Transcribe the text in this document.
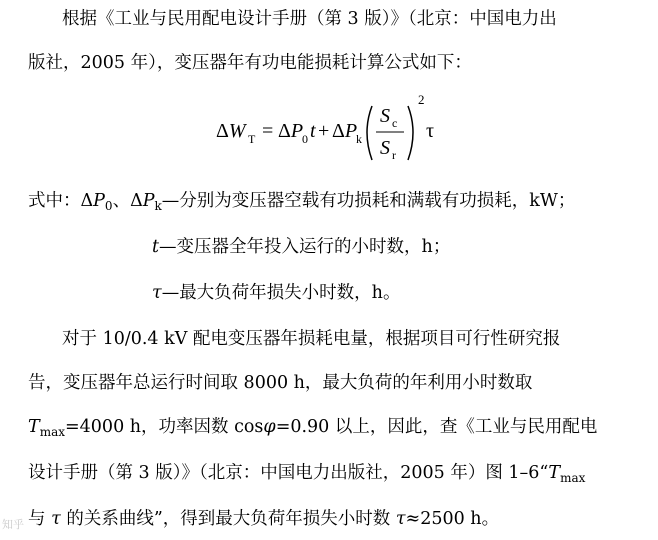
根据《工业与民用配电设计手册（第 3 版）》（北京：中国电力出
版社，2005 年），变压器年有功电能损耗计算公式如下：
ΔW T = ΔP
0 t + ΔP
k
S c
S r
2
τ
式中：$\Delta P_0$、$\Delta P_k—$分别为变压器空载有功损耗和满载有功损耗，kW；
t—变压器全年投入运行的小时数，h；
τ—最大负荷年损失小时数，h。
对于 10/0.4 kV 配电变压器年损耗电量，根据项目可行性研究报
告，变压器年总运行时间取 8000 h，最大负荷的年利用小时数取
$T_{max}=4000$ h，功率因数 cosφ=0.90 以上，因此，查《工业与民用配电
设计手册（第 3 版）》（北京：中国电力出版社，2005 年）图 $1-6“T_{max}$
与 τ 的关系曲线”，得到最大负荷年损失小时数 τ≈2500 h。
知乎
